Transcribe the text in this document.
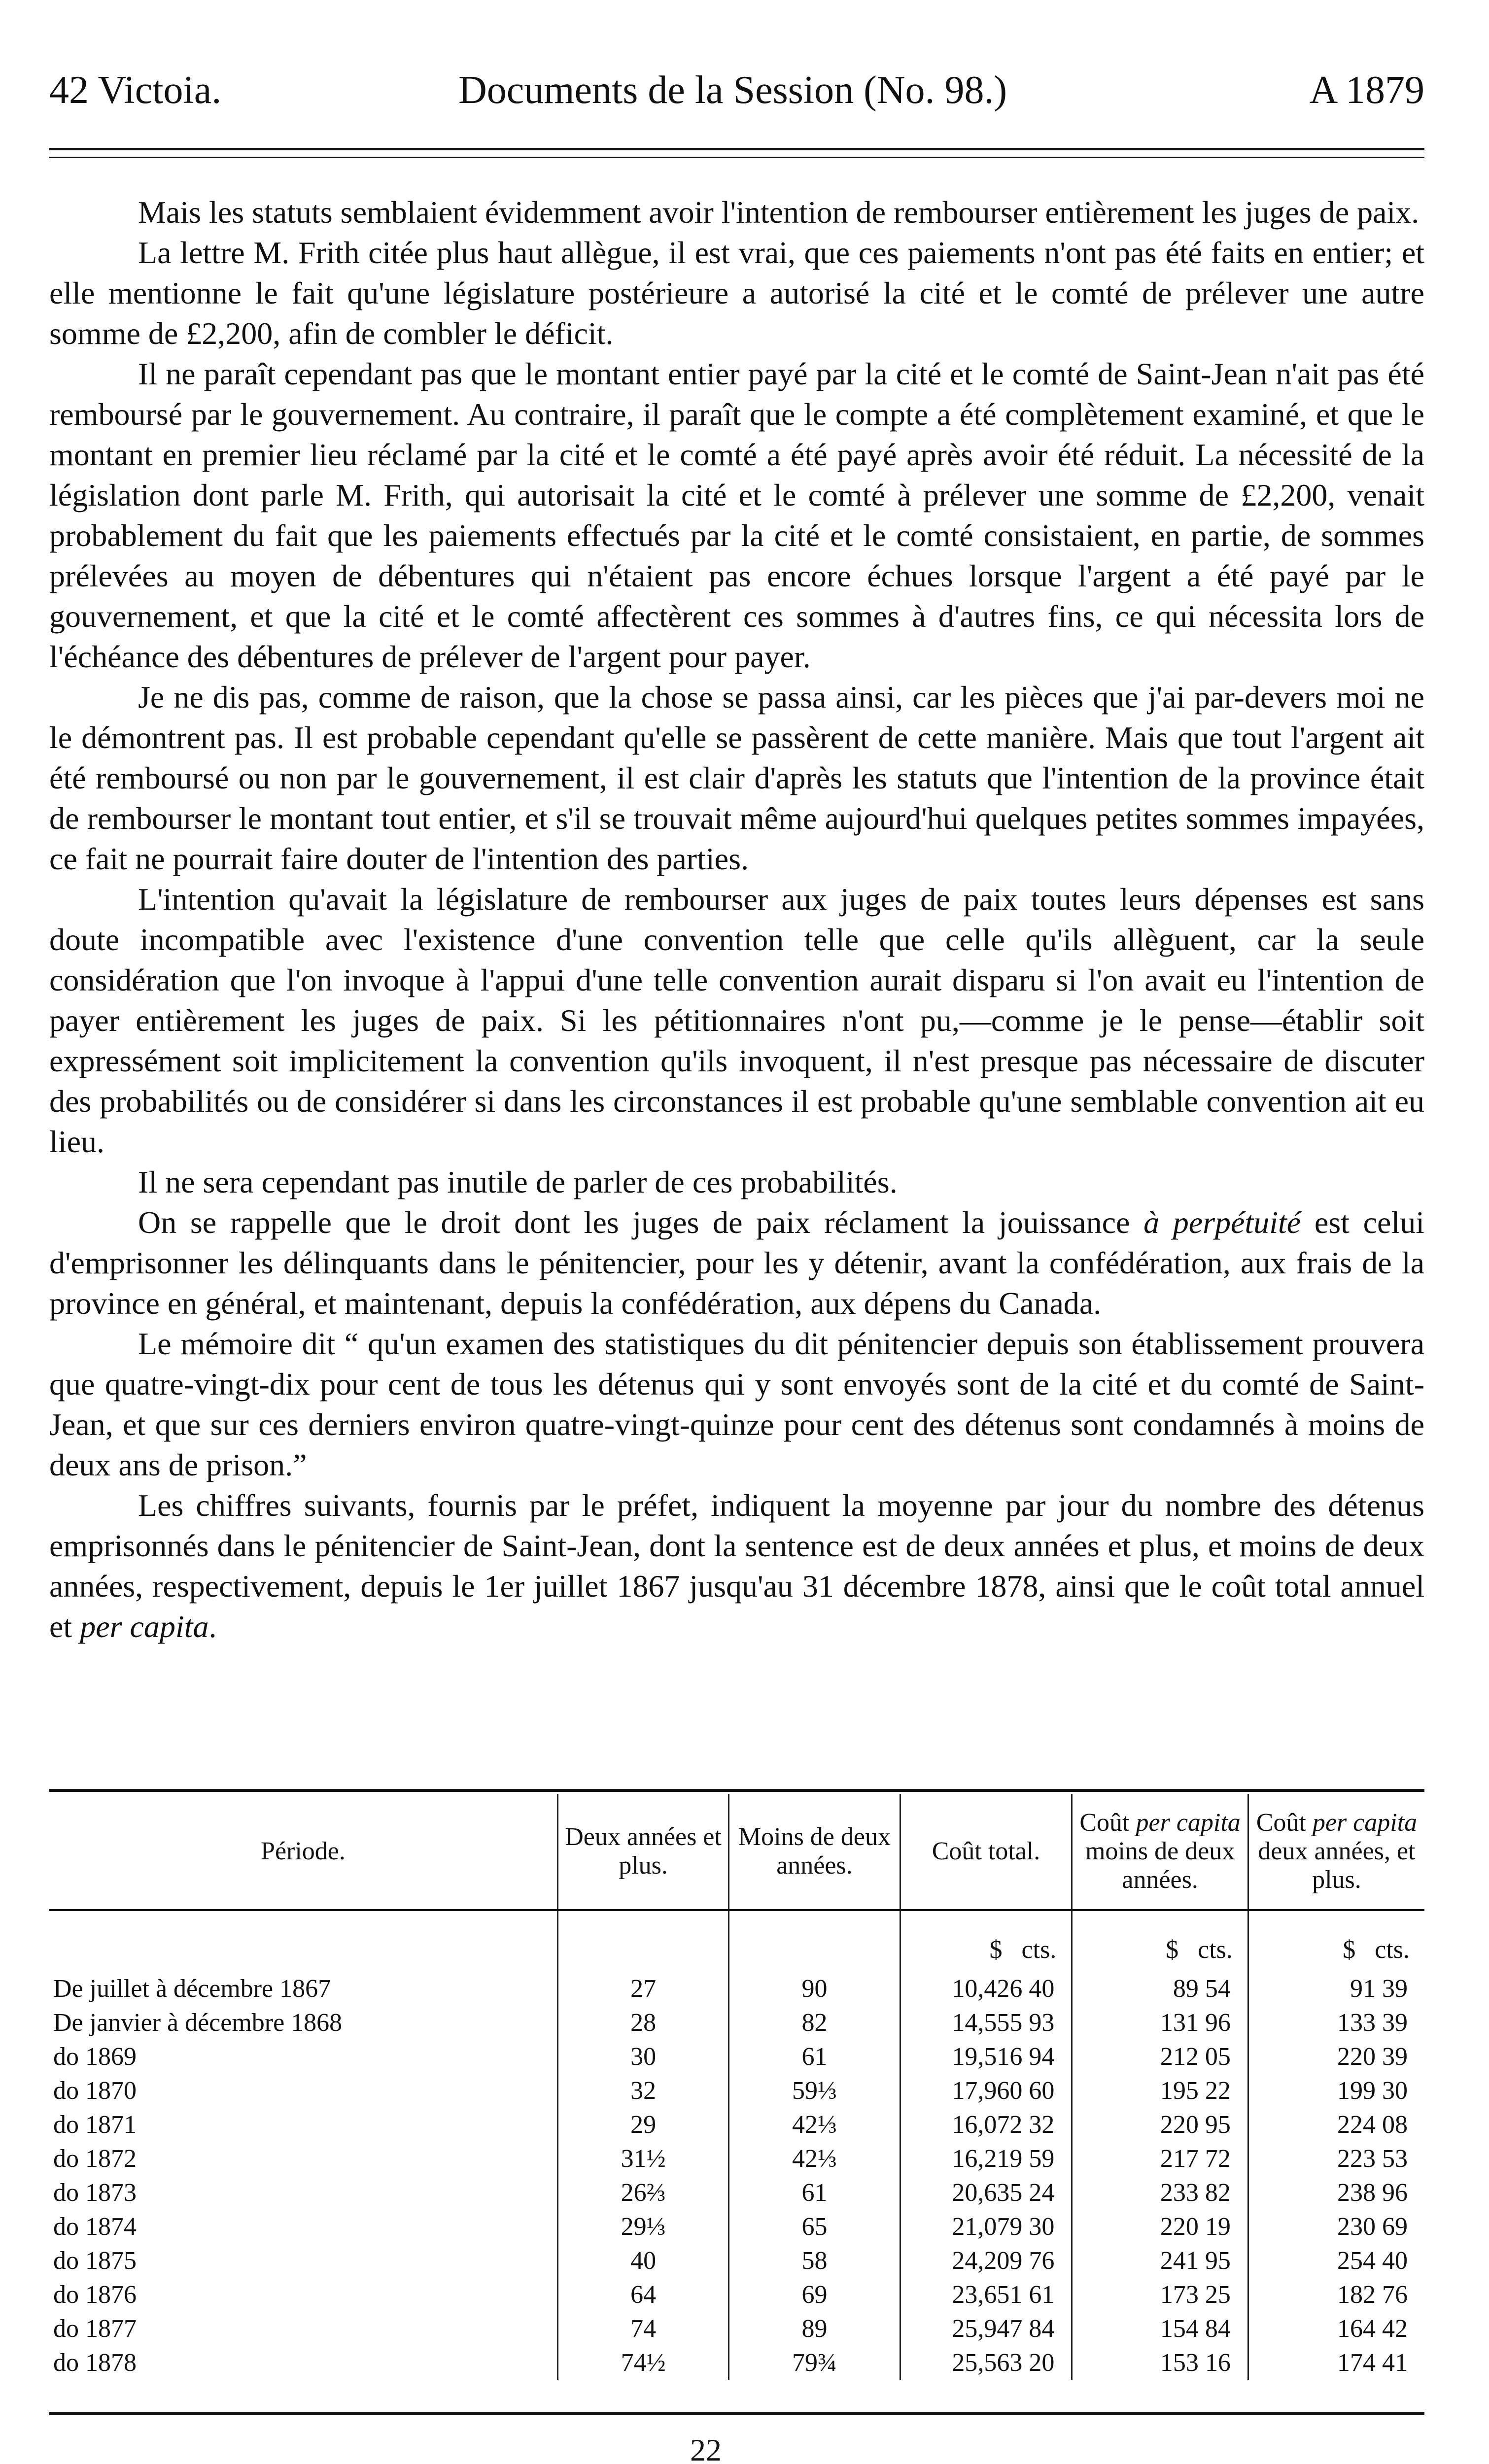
42 Victoia.	Documents de la Session (No. 98.)	A 1879

Mais les statuts semblaient évidemment avoir l'intention de rembourser entièrement les juges de paix.

La lettre M. Frith citée plus haut allègue, il est vrai, que ces paiements n'ont pas été faits en entier; et elle mentionne le fait qu'une législature postérieure a autorisé la cité et le comté de prélever une autre somme de £2,200, afin de combler le déficit.

Il ne paraît cependant pas que le montant entier payé par la cité et le comté de Saint-Jean n'ait pas été remboursé par le gouvernement. Au contraire, il paraît que le compte a été complètement examiné, et que le montant en premier lieu réclamé par la cité et le comté a été payé après avoir été réduit. La nécessité de la législation dont parle M. Frith, qui autorisait la cité et le comté à prélever une somme de £2,200, venait probablement du fait que les paiements effectués par la cité et le comté consistaient, en partie, de sommes prélevées au moyen de débentures qui n'étaient pas encore échues lorsque l'argent a été payé par le gouvernement, et que la cité et le comté affectèrent ces sommes à d'autres fins, ce qui nécessita lors de l'échéance des débentures de prélever de l'argent pour payer.

Je ne dis pas, comme de raison, que la chose se passa ainsi, car les pièces que j'ai par-devers moi ne le démontrent pas. Il est probable cependant qu'elle se passèrent de cette manière. Mais que tout l'argent ait été remboursé ou non par le gouvernement, il est clair d'après les statuts que l'intention de la province était de rembourser le montant tout entier, et s'il se trouvait même aujourd'hui quelques petites sommes impayées, ce fait ne pourrait faire douter de l'intention des parties.

L'intention qu'avait la législature de rembourser aux juges de paix toutes leurs dépenses est sans doute incompatible avec l'existence d'une convention telle que celle qu'ils allèguent, car la seule considération que l'on invoque à l'appui d'une telle convention aurait disparu si l'on avait eu l'intention de payer entièrement les juges de paix. Si les pétitionnaires n'ont pu,—comme je le pense—établir soit expressément soit implicitement la convention qu'ils invoquent, il n'est presque pas nécessaire de discuter des probabilités ou de considérer si dans les circonstances il est probable qu'une semblable convention ait eu lieu.

Il ne sera cependant pas inutile de parler de ces probabilités.

On se rappelle que le droit dont les juges de paix réclament la jouissance à perpétuité est celui d'emprisonner les délinquants dans le pénitencier, pour les y détenir, avant la confédération, aux frais de la province en général, et maintenant, depuis la confédération, aux dépens du Canada.

Le mémoire dit “ qu'un examen des statistiques du dit pénitencier depuis son établissement prouvera que quatre-vingt-dix pour cent de tous les détenus qui y sont envoyés sont de la cité et du comté de Saint-Jean, et que sur ces derniers environ quatre-vingt-quinze pour cent des détenus sont condamnés à moins de deux ans de prison.”

Les chiffres suivants, fournis par le préfet, indiquent la moyenne par jour du nombre des détenus emprisonnés dans le pénitencier de Saint-Jean, dont la sentence est de deux années et plus, et moins de deux années, respectivement, depuis le 1er juillet 1867 jusqu'au 31 décembre 1878, ainsi que le coût total annuel et per capita.

Période.	Deux années et plus.	Moins de deux années.	Coût total.	Coût per capita moins de deux années.	Coût per capita deux années, et plus.
			$ cts.	$ cts.	$ cts.
De juillet à décembre 1867	27	90	10,426 40	89 54	91 39
De janvier à décembre 1868	28	82	14,555 93	131 96	133 39
do 1869	30	61	19,516 94	212 05	220 39
do 1870	32	59⅓	17,960 60	195 22	199 30
do 1871	29	42⅓	16,072 32	220 95	224 08
do 1872	31½	42⅓	16,219 59	217 72	223 53
do 1873	26⅔	61	20,635 24	233 82	238 96
do 1874	29⅓	65	21,079 30	220 19	230 69
do 1875	40	58	24,209 76	241 95	254 40
do 1876	64	69	23,651 61	173 25	182 76
do 1877	74	89	25,947 84	154 84	164 42
do 1878	74½	79¾	25,563 20	153 16	174 41
22
